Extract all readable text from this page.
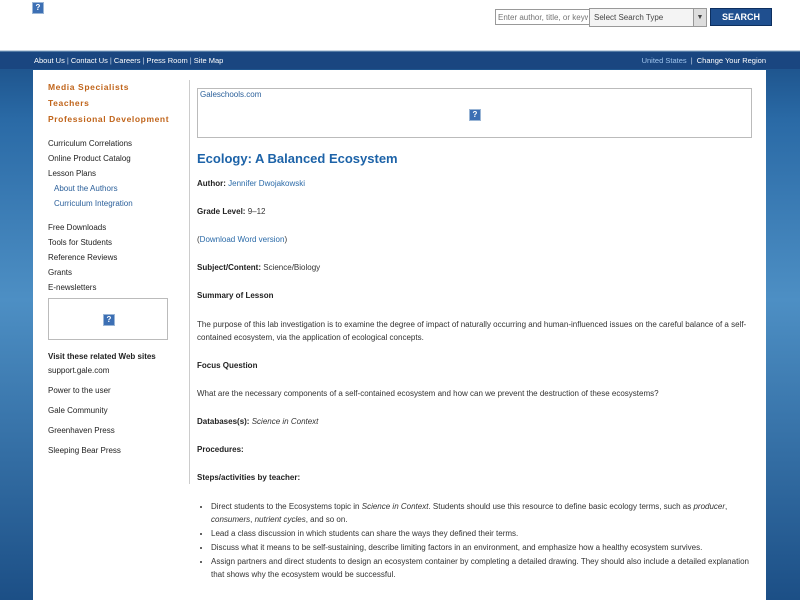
?
Enter author, title, or keyword
Select Search Type	▼	SEARCH
About Us | Contact Us | Careers | Press Room | Site Map	United States | Change Your Region
Media Specialists
Teachers
Professional Development
Curriculum Correlations
Online Product Catalog
Lesson Plans
About the Authors
Curriculum Integration
Free Downloads
Tools for Students
Reference Reviews
Grants
E-newsletters
?
Visit these related Web sites
support.gale.com
Power to the user
Gale Community
Greenhaven Press
Sleeping Bear Press
Galeschools.com
?
Ecology: A Balanced Ecosystem
Author: Jennifer Dwojakowski
Grade Level: 9–12
(Download Word version)
Subject/Content: Science/Biology
Summary of Lesson
The purpose of this lab investigation is to examine the degree of impact of naturally occurring and human-influenced issues on the careful balance of a self-contained ecosystem, via the application of ecological concepts.
Focus Question
What are the necessary components of a self-contained ecosystem and how can we prevent the destruction of these ecosystems?
Databases(s): Science in Context
Procedures:
Steps/activities by teacher:
• Direct students to the Ecosystems topic in Science in Context. Students should use this resource to define basic ecology terms, such as producer, consumers, nutrient cycles, and so on.
• Lead a class discussion in which students can share the ways they defined their terms.
• Discuss what it means to be self-sustaining, describe limiting factors in an environment, and emphasize how a healthy ecosystem survives.
• Assign partners and direct students to design an ecosystem container by completing a detailed drawing. They should also include a detailed explanation that shows why the ecosystem would be successful.
